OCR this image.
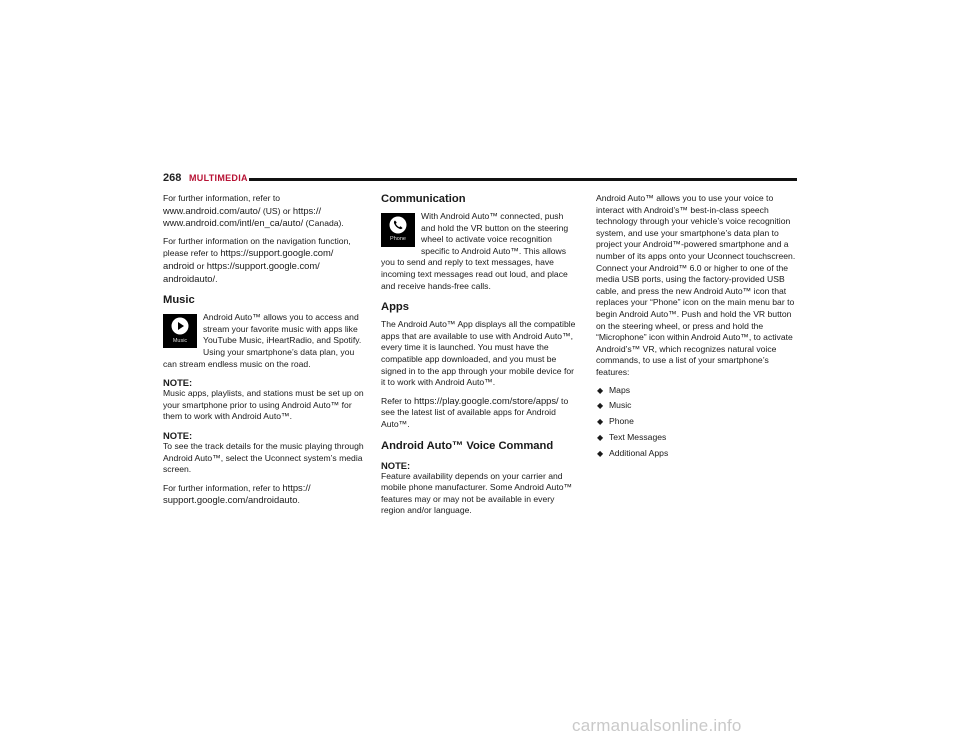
268 MULTIMEDIA

For further information, refer to
www.android.com/auto/ (US) or https:// www.android.com/intl/en_ca/auto/ (Canada).

For further information on the navigation function, please refer to https://support.google.com/ android or https://support.google.com/ androidauto/.

Music
Music
Android Auto™ allows you to access and stream your favorite music with apps like YouTube Music, iHeartRadio, and Spotify. Using your smartphone’s data plan, you can stream endless music on the road.
NOTE:

Music apps, playlists, and stations must be set up on your smartphone prior to using Android Auto™ for them to work with Android Auto™.

NOTE:

To see the track details for the music playing through Android Auto™, select the Uconnect system’s media screen.

For further information, refer to https:// support.google.com/androidauto.

Communication
Phone
With Android Auto™ connected, push and hold the VR button on the steering wheel to activate voice recognition specific to Android Auto™. This allows you to send and reply to text messages, have incoming text messages read out loud, and place and receive hands-free calls.
Apps

The Android Auto™ App displays all the compatible apps that are available to use with Android Auto™, every time it is launched. You must have the compatible app downloaded, and you must be signed in to the app through your mobile device for it to work with Android Auto™.

Refer to https://play.google.com/store/apps/ to see the latest list of available apps for Android Auto™.

Android Auto™ Voice Command
NOTE:

Feature availability depends on your carrier and mobile phone manufacturer. Some Android Auto™ features may or may not be available in every region and/or language.

Android Auto™ allows you to use your voice to interact with Android’s™ best-in-class speech technology through your vehicle’s voice recognition system, and use your smartphone’s data plan to project your Android™-powered smartphone and a number of its apps onto your Uconnect touchscreen. Connect your Android™ 6.0 or higher to one of the media USB ports, using the factory-provided USB cable, and press the new Android Auto™ icon that replaces your “Phone” icon on the main menu bar to begin Android Auto™. Push and hold the VR button on the steering wheel, or press and hold the “Microphone” icon within Android Auto™, to activate Android’s™ VR, which recognizes natural voice commands, to use a list of your smartphone’s features:

◆ Maps
◆ Music
◆ Phone
◆ Text Messages
◆ Additional Apps
carmanualsonline.info
